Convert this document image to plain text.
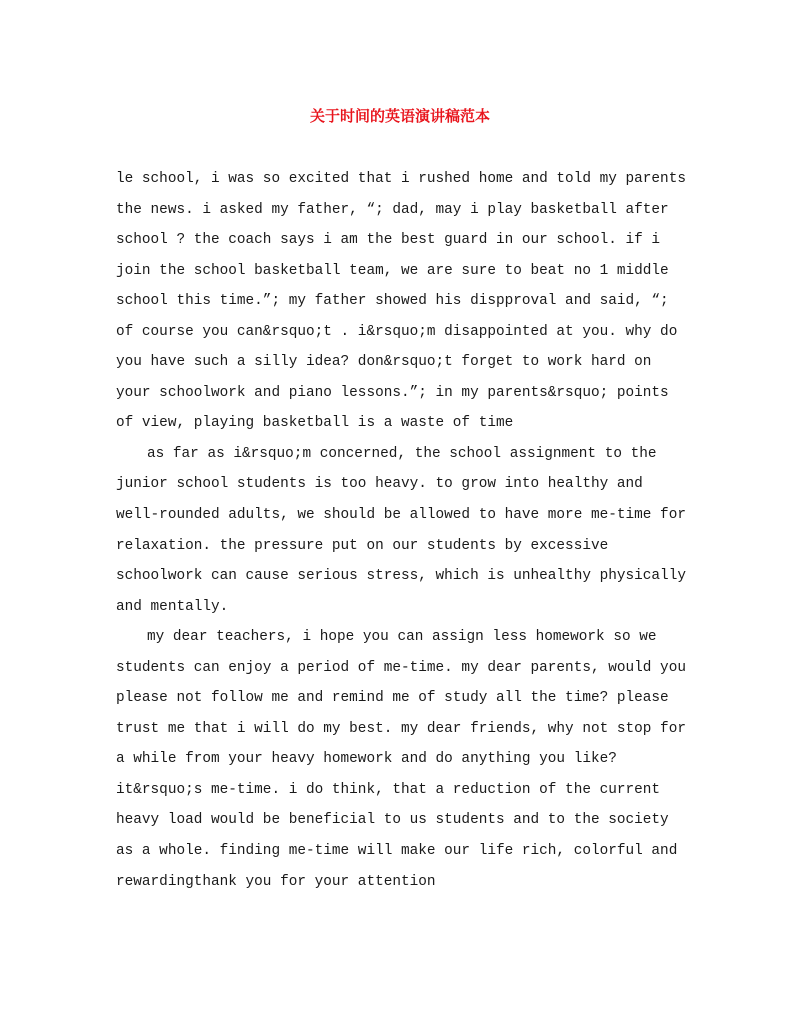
关于时间的英语演讲稿范本

le school, i was so excited that i rushed home and told my parents the news. i asked my father, “; dad, may i play basketball after school ? the coach says i am the best guard in our school. if i join the school basketball team, we are sure to beat no 1 middle school this time.”; my father showed his dispproval and said, “; of course you can&rsquo;t . i&rsquo;m disappointed at you. why do you have such a silly idea? don&rsquo;t forget to work hard on your schoolwork and piano lessons.”; in my parents&rsquo; points of view, playing basketball is a waste of time

as far as i&rsquo;m concerned, the school assignment to the junior school students is too heavy. to grow into healthy and well-rounded adults, we should be allowed to have more me-time for relaxation. the pressure put on our students by excessive schoolwork can cause serious stress, which is unhealthy physically and mentally.

my dear teachers, i hope you can assign less homework so we students can enjoy a period of me-time. my dear parents, would you please not follow me and remind me of study all the time? please trust me that i will do my best. my dear friends, why not stop for a while from your heavy homework and do anything you like? it&rsquo;s me-time. i do think, that a reduction of the current heavy load would be beneficial to us students and to the society as a whole. finding me-time will make our life rich, colorful and rewardingthank you for your attention
